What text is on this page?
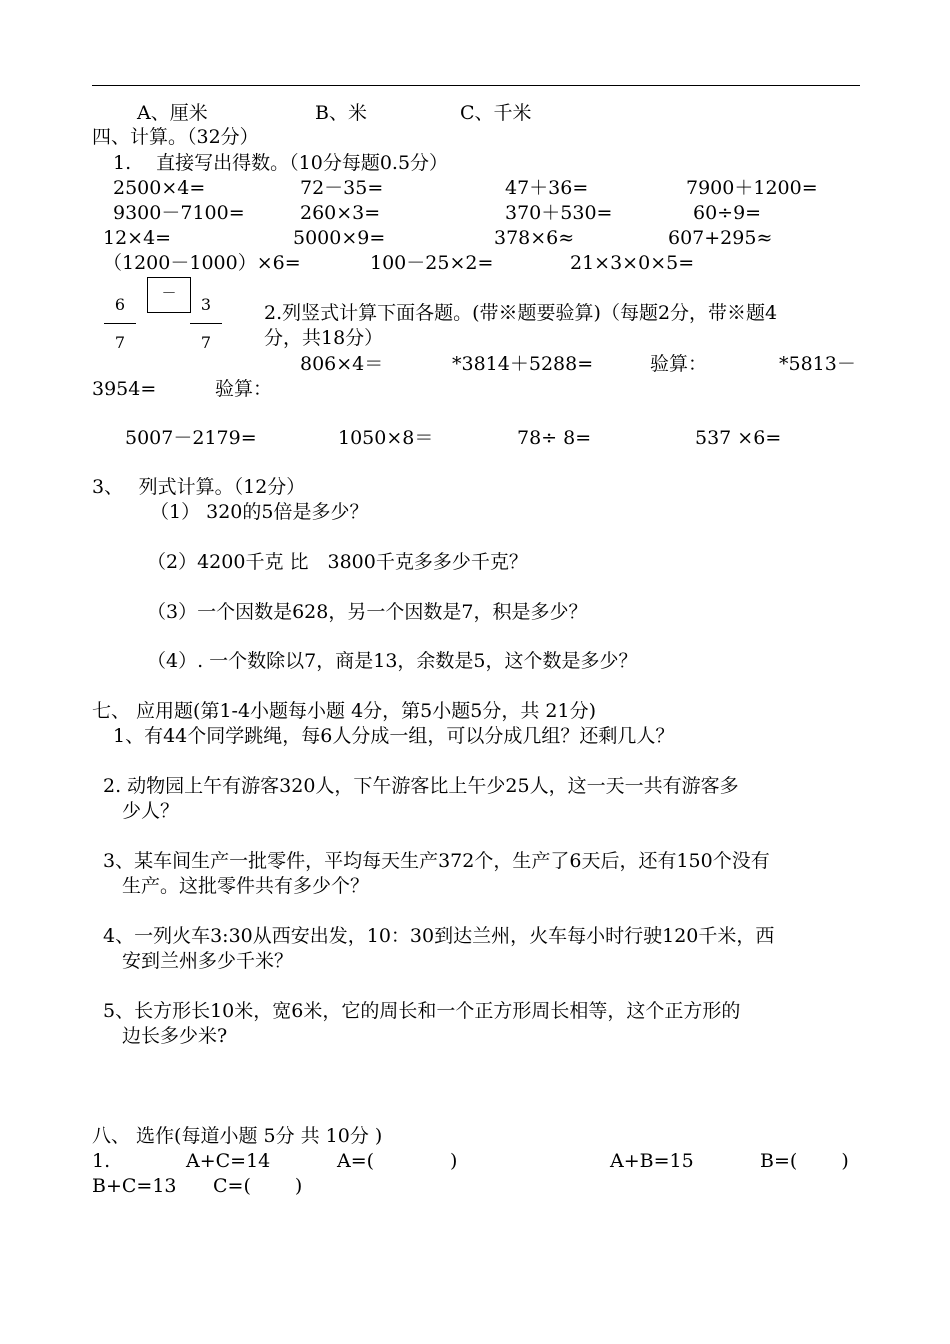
A、厘米	B、米	C、千米
四、计算。（32分）
1.　 直接写出得数。（10分每题0.5分）
2500×4=	72－35=	47＋36=	7900＋1200=
9300－7100=	260×3=	370＋530=	60÷9=
12×4=	5000×9=	378×6≈	607+295≈
（1200－1000）×6=	100－25×2=	21×3×0×5=
6
7
－
3
7
2.列竖式计算下面各题。(带※题要验算)（每题2分，带※题4
分，共18分）
806×4＝	*3814＋5288=	验算：	*5813－
3954=	验算：
5007－2179=	1050×8＝	78÷ 8=	537 ×6=
3、　 列式计算。（12分）
（1） 320的5倍是多少？
（2）4200千克 比　3800千克多多少千克？
（3）一个因数是628，另一个因数是7，积是多少？
（4）. 一个数除以7，商是13，余数是5，这个数是多少？
七、 应用题(第1-4小题每小题 4分，第5小题5分，共 21分)
1、有44个同学跳绳，每6人分成一组，可以分成几组？还剩几人？
2. 动物园上午有游客320人，下午游客比上午少25人，这一天一共有游客多
少人？
3、某车间生产一批零件，平均每天生产372个，生产了6天后，还有150个没有
生产。这批零件共有多少个？
4、一列火车3:30从西安出发，10：30到达兰州，火车每小时行驶120千米，西
安到兰州多少千米？
5、长方形长10米，宽6米，它的周长和一个正方形周长相等，这个正方形的
边长多少米?
八、 选作(每道小题 5分 共 10分 )
1.	A+C=14	A=(　　　　)	A+B=15	B=(　　 )
B+C=13 C=(　　 )
